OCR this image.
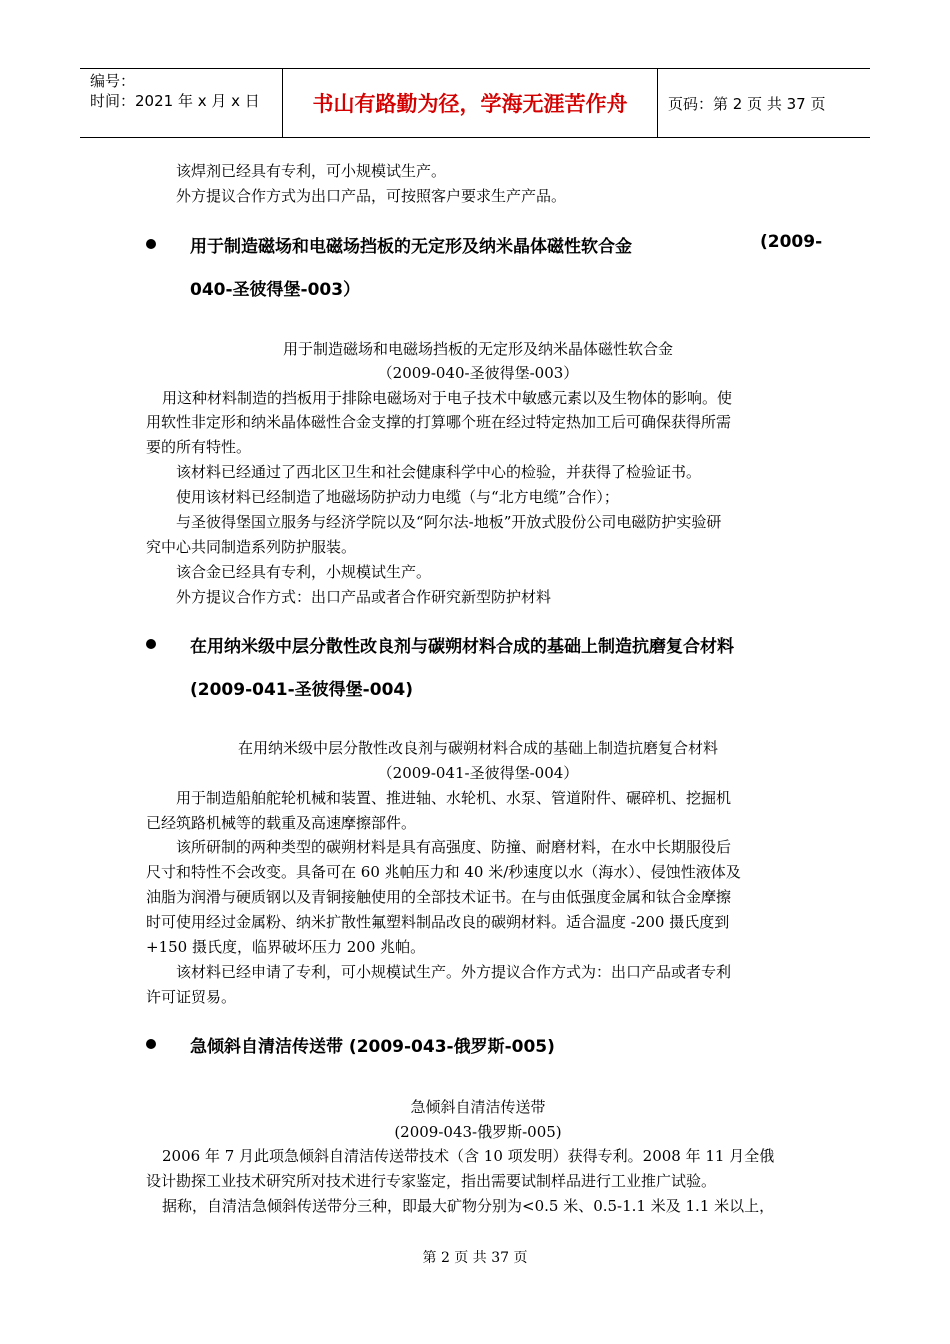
编号：
时间：2021 年 x 月 x 日	书山有路勤为径，学海无涯苦作舟	页码：第 2 页 共 37 页

该焊剂已经具有专利，可小规模试生产。

外方提议合作方式为出口产品，可按照客户要求生产产品。

用于制造磁场和电磁场挡板的无定形及纳米晶体磁性软合金	(2009-
040-圣彼得堡-003）

用于制造磁场和电磁场挡板的无定形及纳米晶体磁性软合金

（2009-040-圣彼得堡-003）

用这种材料制造的挡板用于排除电磁场对于电子技术中敏感元素以及生物体的影响。使

用软性非定形和纳米晶体磁性合金支撑的打算哪个班在经过特定热加工后可确保获得所需

要的所有特性。

该材料已经通过了西北区卫生和社会健康科学中心的检验，并获得了检验证书。

使用该材料已经制造了地磁场防护动力电缆（与“北方电缆”合作）；

与圣彼得堡国立服务与经济学院以及“阿尔法-地板”开放式股份公司电磁防护实验研

究中心共同制造系列防护服装。

该合金已经具有专利，小规模试生产。

外方提议合作方式：出口产品或者合作研究新型防护材料

在用纳米级中层分散性改良剂与碳朔材料合成的基础上制造抗磨复合材料
(2009-041-圣彼得堡-004)

在用纳米级中层分散性改良剂与碳朔材料合成的基础上制造抗磨复合材料

（2009-041-圣彼得堡-004）

用于制造船舶舵轮机械和装置、推进轴、水轮机、水泵、管道附件、碾碎机、挖掘机

已经筑路机械等的载重及高速摩擦部件。

该所研制的两种类型的碳朔材料是具有高强度、防撞、耐磨材料，在水中长期服役后

尺寸和特性不会改变。具备可在 60 兆帕压力和 40 米/秒速度以水（海水）、侵蚀性液体及

油脂为润滑与硬质钢以及青铜接触使用的全部技术证书。在与由低强度金属和钛合金摩擦

时可使用经过金属粉、纳米扩散性氟塑料制品改良的碳朔材料。适合温度 -200 摄氏度到

+150 摄氏度，临界破坏压力 200 兆帕。

该材料已经申请了专利，可小规模试生产。外方提议合作方式为：出口产品或者专利

许可证贸易。

急倾斜自清洁传送带 (2009-043-俄罗斯-005)

急倾斜自清洁传送带

(2009-043-俄罗斯-005)

2006 年 7 月此项急倾斜自清洁传送带技术（含 10 项发明）获得专利。2008 年 11 月全俄

设计勘探工业技术研究所对技术进行专家鉴定，指出需要试制样品进行工业推广试验。

据称，自清洁急倾斜传送带分三种，即最大矿物分别为<0.5 米、0.5-1.1 米及 1.1 米以上，

第 2 页 共 37 页
